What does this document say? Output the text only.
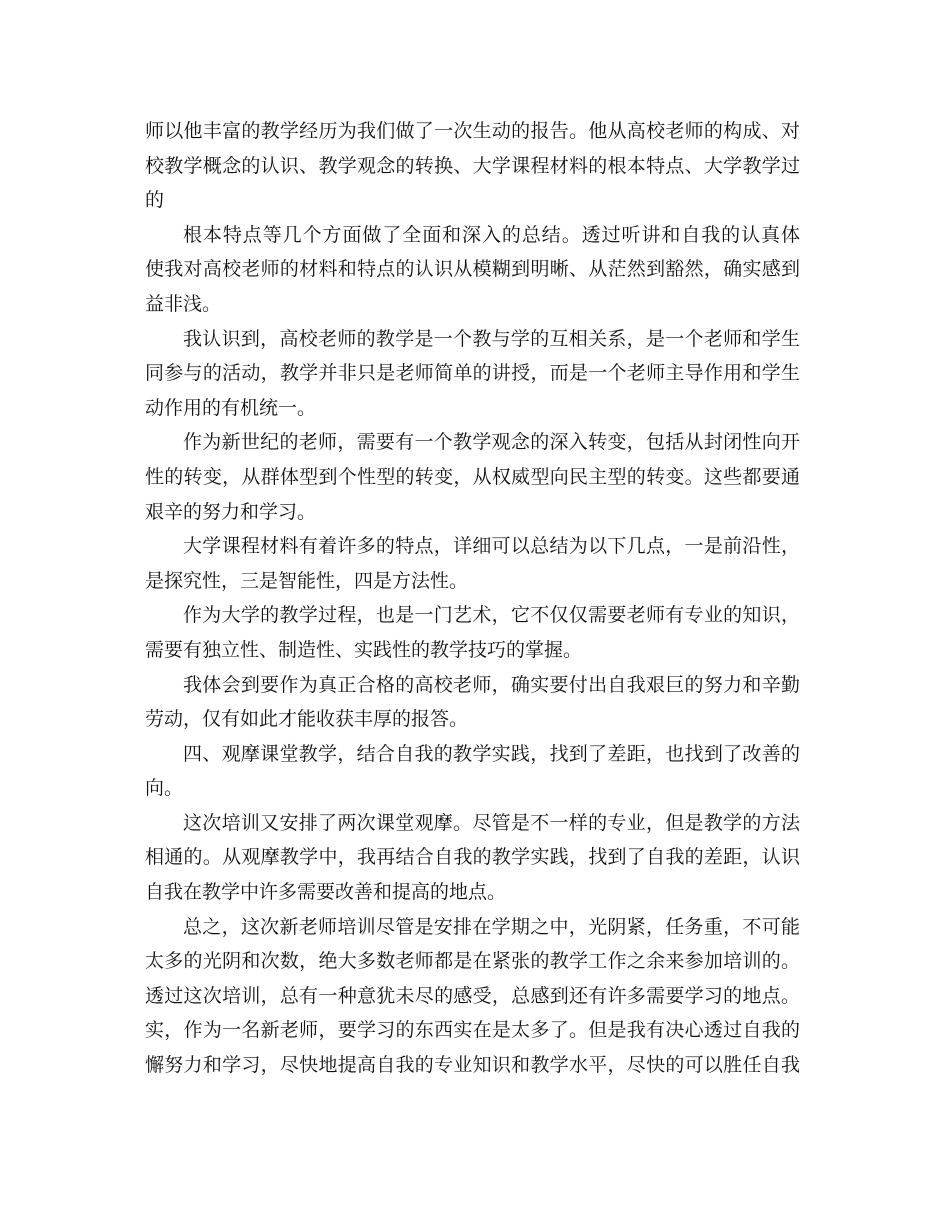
师以他丰富的教学经历为我们做了一次生动的报告。他从高校老师的构成、对
校教学概念的认识、教学观念的转换、大学课程材料的根本特点、大学教学过
的
根本特点等几个方面做了全面和深入的总结。透过听讲和自我的认真体
使我对高校老师的材料和特点的认识从模糊到明晰、从茫然到豁然，确实感到
益非浅。
我认识到，高校老师的教学是一个教与学的互相关系，是一个老师和学生
同参与的活动，教学并非只是老师简单的讲授，而是一个老师主导作用和学生
动作用的有机统一。
作为新世纪的老师，需要有一个教学观念的深入转变，包括从封闭性向开
性的转变，从群体型到个性型的转变，从权威型向民主型的转变。这些都要通
艰辛的努力和学习。
大学课程材料有着许多的特点，详细可以总结为以下几点，一是前沿性，
是探究性，三是智能性，四是方法性。
作为大学的教学过程，也是一门艺术，它不仅仅需要老师有专业的知识，
需要有独立性、制造性、实践性的教学技巧的掌握。
我体会到要作为真正合格的高校老师，确实要付出自我艰巨的努力和辛勤
劳动，仅有如此才能收获丰厚的报答。
四、观摩课堂教学，结合自我的教学实践，找到了差距，也找到了改善的
向。
这次培训又安排了两次课堂观摩。尽管是不一样的专业，但是教学的方法
相通的。从观摩教学中，我再结合自我的教学实践，找到了自我的差距，认识
自我在教学中许多需要改善和提高的地点。
总之，这次新老师培训尽管是安排在学期之中，光阴紧，任务重，不可能
太多的光阴和次数，绝大多数老师都是在紧张的教学工作之余来参加培训的。
透过这次培训，总有一种意犹未尽的感受，总感到还有许多需要学习的地点。
实，作为一名新老师，要学习的东西实在是太多了。但是我有决心透过自我的
懈努力和学习，尽快地提高自我的专业知识和教学水平，尽快的可以胜任自我
